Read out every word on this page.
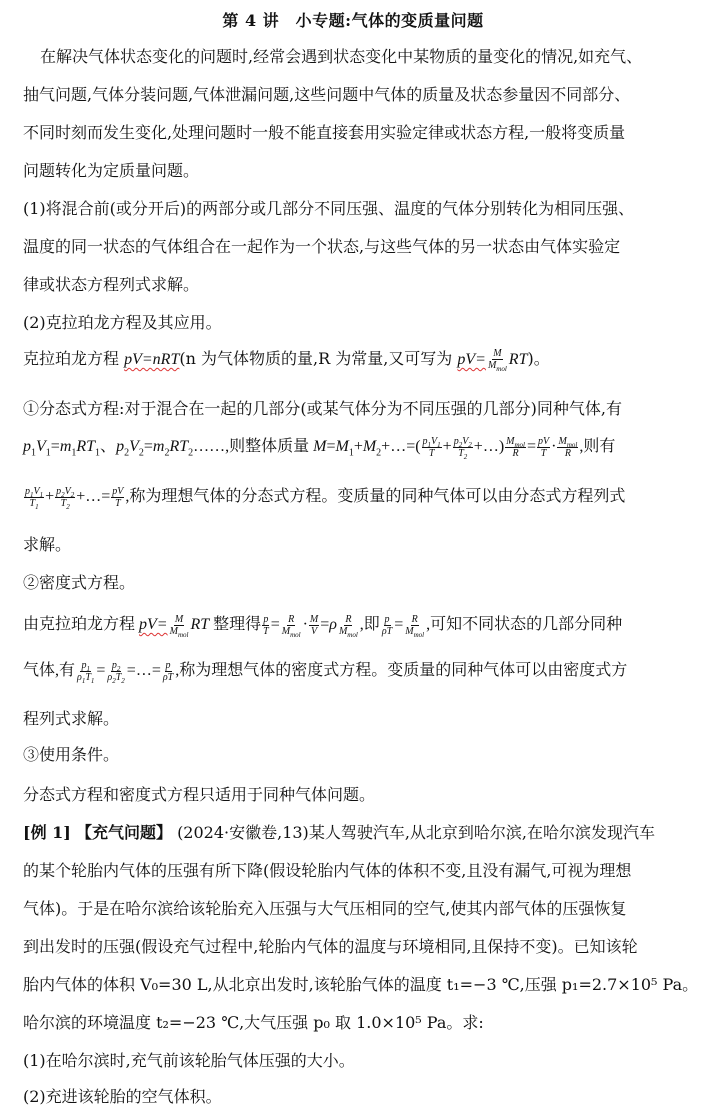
第 4 讲　小专题:气体的变质量问题
在解决气体状态变化的问题时,经常会遇到状态变化中某物质的量变化的情况,如充气、
抽气问题,气体分装问题,气体泄漏问题,这些问题中气体的质量及状态参量因不同部分、
不同时刻而发生变化,处理问题时一般不能直接套用实验定律或状态方程,一般将变质量
问题转化为定质量问题。
(1)将混合前(或分开后)的两部分或几部分不同压强、温度的气体分别转化为相同压强、
温度的同一状态的气体组合在一起作为一个状态,与这些气体的另一状态由气体实验定
律或状态方程列式求解。
(2)克拉珀龙方程及其应用。
克拉珀龙方程 pV=nRT(n 为气体物质的量,R 为常量,又可写为 $pV= \frac{M}{M_{mol}} RT$)。
①分态式方程:对于混合在一起的几部分(或某气体分为不同压强的几部分)同种气体,有
$p_1V_1=m_1RT_1$、$p_2V_2=m_2RT_2\dots\dots$,则整体质量 $M=M_1+M_2+\dots=( \frac{p_1V_1}{T} + \frac{p_2V_2}{T_2}$ +…) $\frac{M_{mol}}{R} = \frac{pV}{T} \cdot \frac{M_{mol}}{R}$ ,则有
$\frac{p_1V_1}{T_1} + \frac{p_2V_2}{T_2}$ +…= $\frac{pV}{T}$ ,称为理想气体的分态式方程。变质量的同种气体可以由分态式方程列式
求解。
②密度式方程。
由克拉珀龙方程 $pV= \frac{M}{M_{mol}}$ RT 整理得 $\frac{p}{T} = \frac{R}{M_{mol}} \cdot \frac{M}{V} =\rho \frac{R}{M_{mol}}$ ,即 $\frac{p}{\rho T} = \frac{R}{M_{mol}}$ ,可知不同状态的几部分同种
气体,有 $\frac{p_1}{\rho_1T_1} = \frac{p_2}{\rho_2T_2}$ =…= $\frac{p}{\rho T}$ ,称为理想气体的密度式方程。变质量的同种气体可以由密度式方
程列式求解。
③使用条件。
分态式方程和密度式方程只适用于同种气体问题。
[例 1] 【充气问题】 (2024·安徽卷,13)某人驾驶汽车,从北京到哈尔滨,在哈尔滨发现汽车
的某个轮胎内气体的压强有所下降(假设轮胎内气体的体积不变,且没有漏气,可视为理想
气体)。于是在哈尔滨给该轮胎充入压强与大气压相同的空气,使其内部气体的压强恢复
到出发时的压强(假设充气过程中,轮胎内气体的温度与环境相同,且保持不变)。已知该轮
胎内气体的体积 V₀=30 L,从北京出发时,该轮胎气体的温度 t₁=−3 ℃,压强 p₁=2.7×10⁵ Pa。
哈尔滨的环境温度 t₂=−23 ℃,大气压强 p₀ 取 1.0×10⁵ Pa。求:
(1)在哈尔滨时,充气前该轮胎气体压强的大小。
(2)充进该轮胎的空气体积。
